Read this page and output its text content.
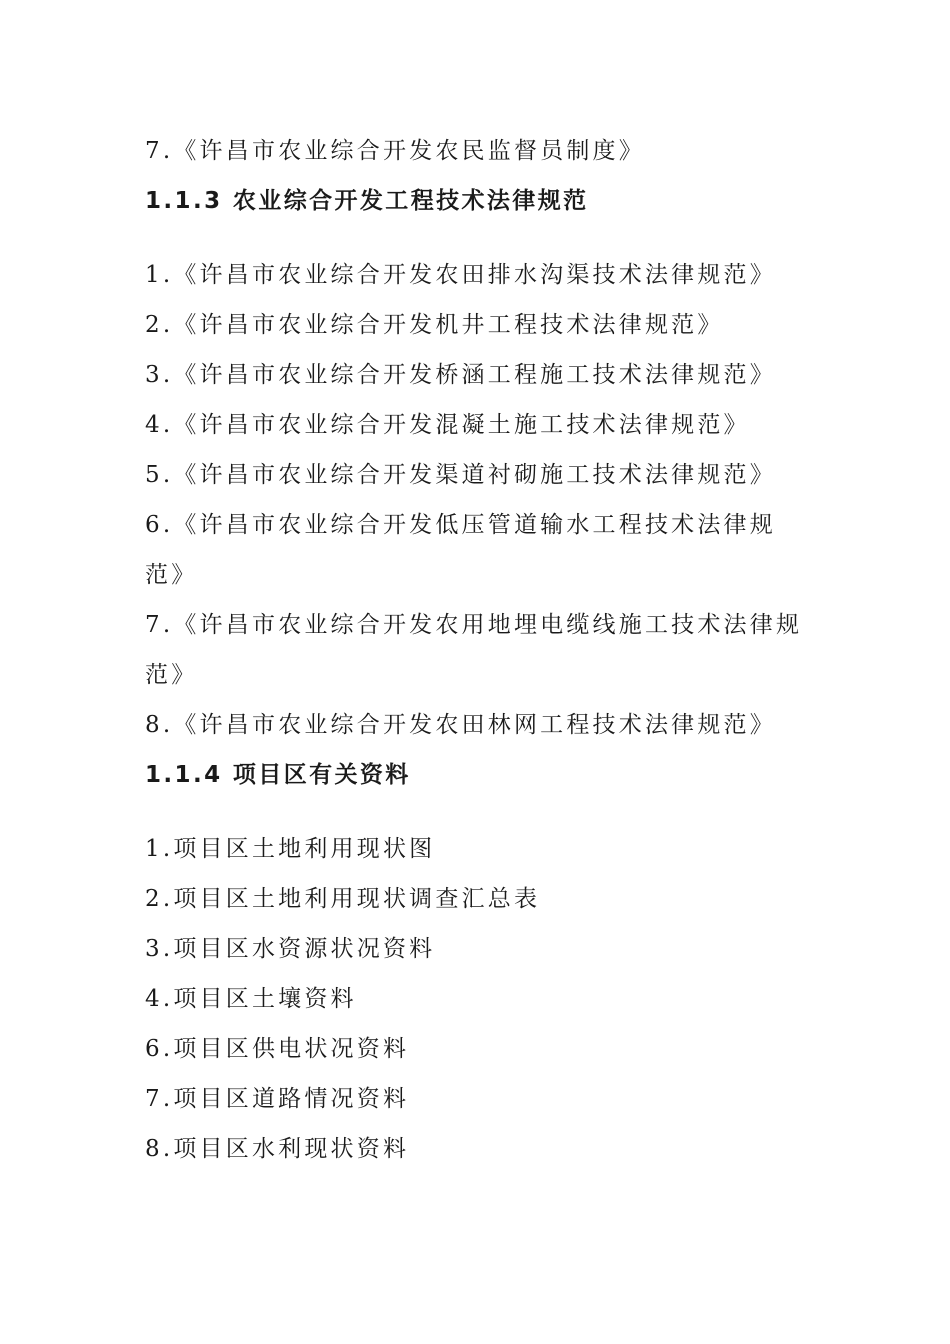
7.《许昌市农业综合开发农民监督员制度》

1.1.3 农业综合开发工程技术法律规范

1.《许昌市农业综合开发农田排水沟渠技术法律规范》

2.《许昌市农业综合开发机井工程技术法律规范》

3.《许昌市农业综合开发桥涵工程施工技术法律规范》

4.《许昌市农业综合开发混凝土施工技术法律规范》

5.《许昌市农业综合开发渠道衬砌施工技术法律规范》

6.《许昌市农业综合开发低压管道输水工程技术法律规

范》

7.《许昌市农业综合开发农用地埋电缆线施工技术法律规

范》

8.《许昌市农业综合开发农田林网工程技术法律规范》

1.1.4 项目区有关资料

1.项目区土地利用现状图

2.项目区土地利用现状调查汇总表

3.项目区水资源状况资料

4.项目区土壤资料

6.项目区供电状况资料

7.项目区道路情况资料

8.项目区水利现状资料
